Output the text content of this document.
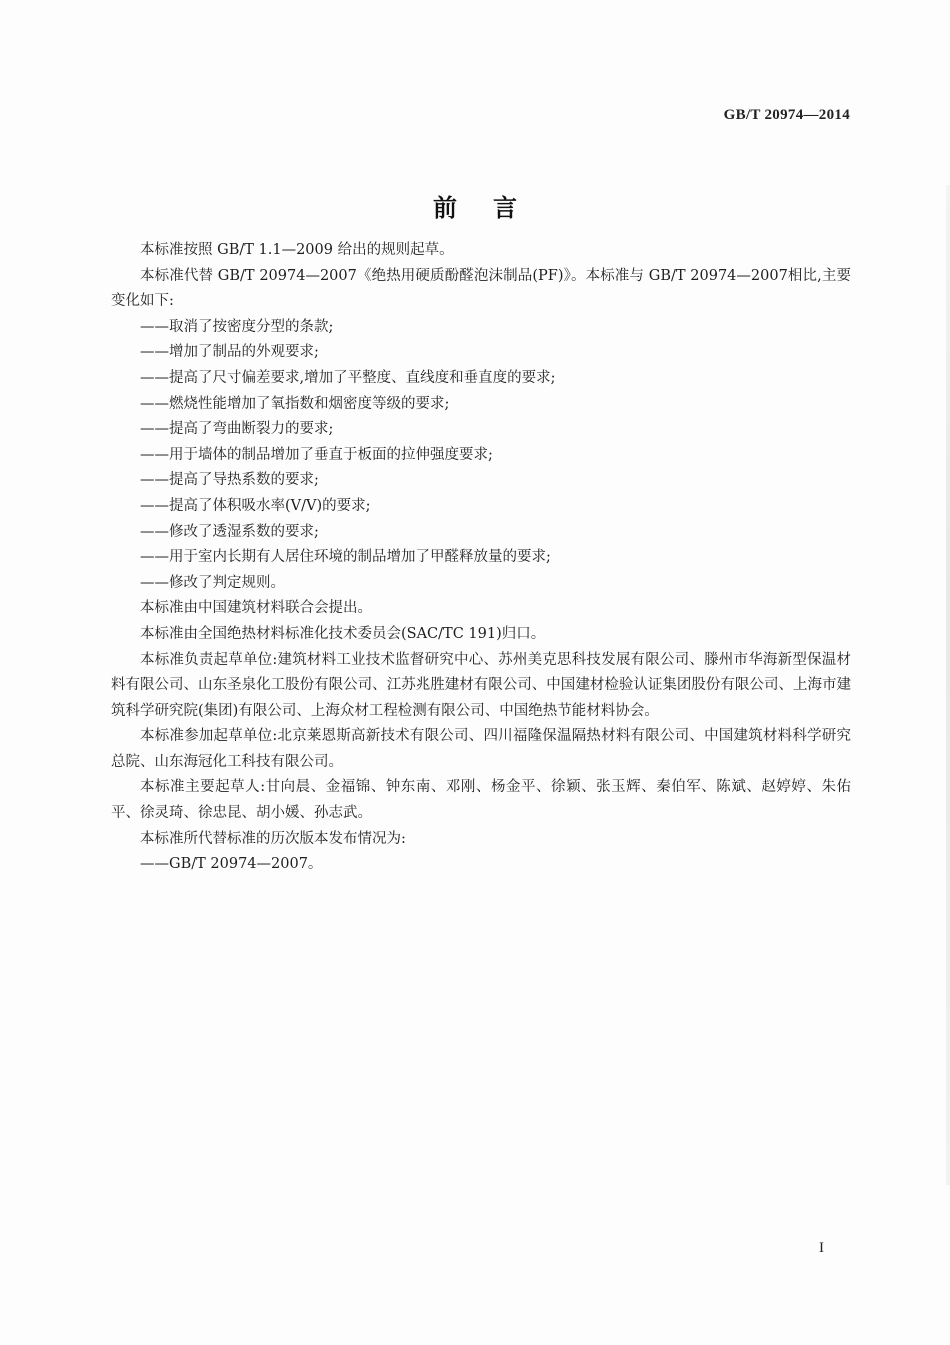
GB/T 20974—2014
前言

本标准按照 GB/T 1.1—2009 给出的规则起草。

本标准代替 GB/T 20974—2007《绝热用硬质酚醛泡沫制品(PF)》。本标准与 GB/T 20974—2007相比,主要变化如下:

——取消了按密度分型的条款;

——增加了制品的外观要求;

——提高了尺寸偏差要求,增加了平整度、直线度和垂直度的要求;

——燃烧性能增加了氧指数和烟密度等级的要求;

——提高了弯曲断裂力的要求;

——用于墙体的制品增加了垂直于板面的拉伸强度要求;

——提高了导热系数的要求;

——提高了体积吸水率(V/V)的要求;

——修改了透湿系数的要求;

——用于室内长期有人居住环境的制品增加了甲醛释放量的要求;

——修改了判定规则。

本标准由中国建筑材料联合会提出。

本标准由全国绝热材料标准化技术委员会(SAC/TC 191)归口。

本标准负责起草单位:建筑材料工业技术监督研究中心、苏州美克思科技发展有限公司、滕州市华海新型保温材料有限公司、山东圣泉化工股份有限公司、江苏兆胜建材有限公司、中国建材检验认证集团股份有限公司、上海市建筑科学研究院(集团)有限公司、上海众材工程检测有限公司、中国绝热节能材料协会。

本标准参加起草单位:北京莱恩斯高新技术有限公司、四川福隆保温隔热材料有限公司、中国建筑材料科学研究总院、山东海冠化工科技有限公司。

本标准主要起草人:甘向晨、金福锦、钟东南、邓刚、杨金平、徐颖、张玉辉、秦伯军、陈斌、赵婷婷、朱佑平、徐灵琦、徐忠昆、胡小媛、孙志武。

本标准所代替标准的历次版本发布情况为:

——GB/T 20974—2007。

I
